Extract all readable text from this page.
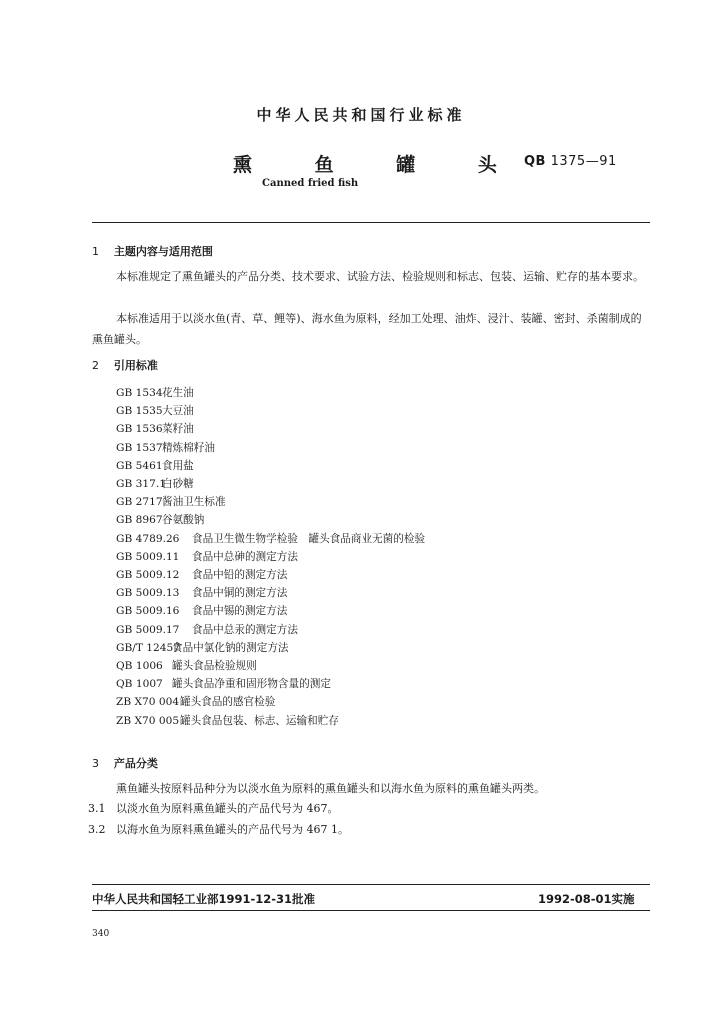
中华人民共和国行业标准
熏 鱼 罐 头 QB 1375—91
Canned fried fish
1 主题内容与适用范围
本标准规定了熏鱼罐头的产品分类、技术要求、试验方法、检验规则和标志、包装、运输、贮存的基本要求。
本标准适用于以淡水鱼(青、草、鲤等)、海水鱼为原料，经加工处理、油炸、浸汁、装罐、密封、杀菌制成的熏鱼罐头。
2 引用标准
GB 1534花生油
GB 1535大豆油
GB 1536菜籽油
GB 1537精炼棉籽油
GB 5461食用盐
GB 317.1白砂糖
GB 2717酱油卫生标准
GB 8967谷氨酸钠
GB 4789.26 食品卫生微生物学检验　罐头食品商业无菌的检验
GB 5009.11 食品中总砷的测定方法
GB 5009.12 食品中铅的测定方法
GB 5009.13 食品中铜的测定方法
GB 5009.16 食品中锡的测定方法
GB 5009.17 食品中总汞的测定方法
GB/T 12457食品中氯化钠的测定方法
QB 1006 罐头食品检验规则
QB 1007 罐头食品净重和固形物含量的测定
ZB X70 004罐头食品的感官检验
ZB X70 005罐头食品包装、标志、运输和贮存
3 产品分类
熏鱼罐头按原料品种分为以淡水鱼为原料的熏鱼罐头和以海水鱼为原料的熏鱼罐头两类。
3.1 以淡水鱼为原料熏鱼罐头的产品代号为 467。
3.2 以海水鱼为原料熏鱼罐头的产品代号为 467 1。
中华人民共和国轻工业部1991-12-31批准	1992-08-01实施
340
